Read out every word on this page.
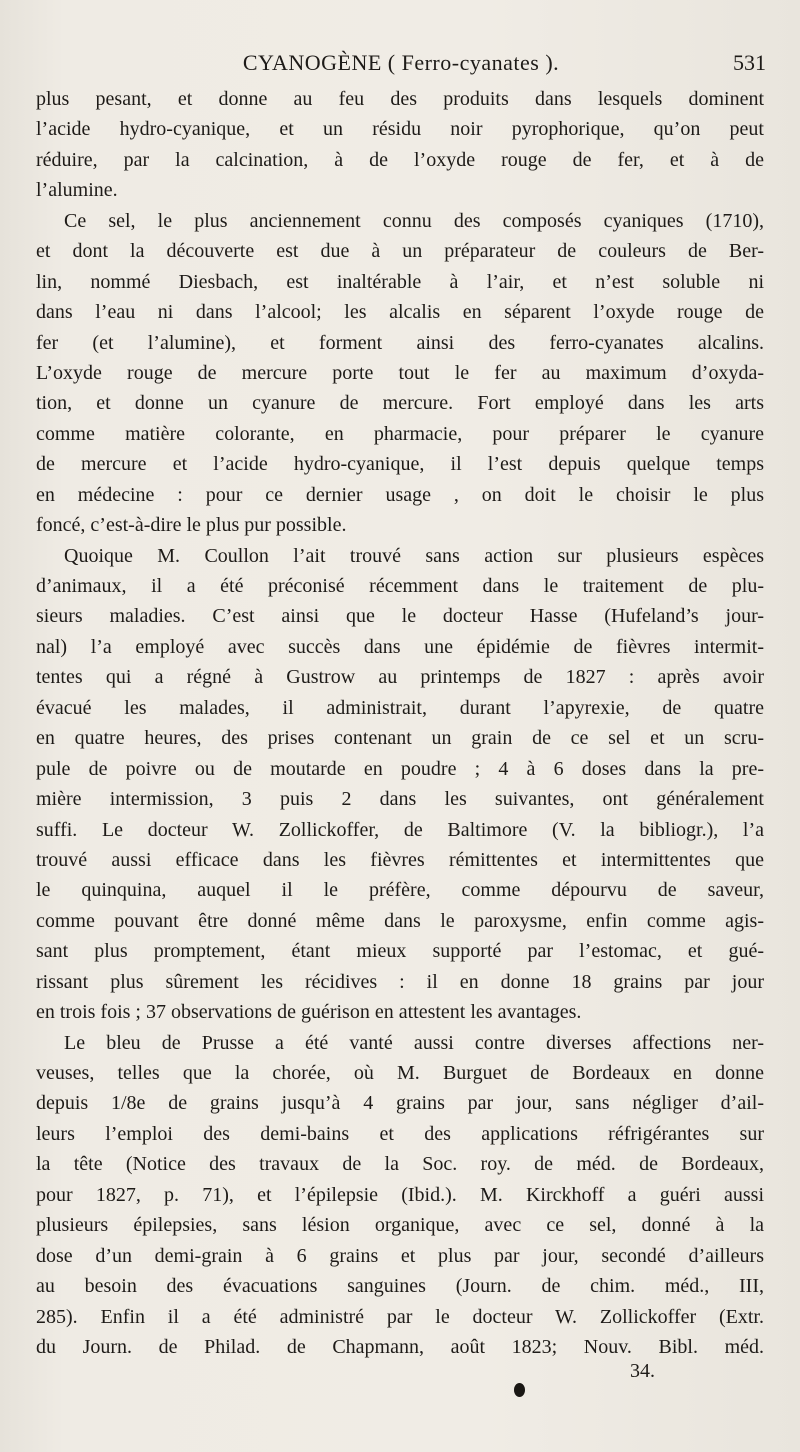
CYANOGÈNE ( Ferro-cyanates ).	531
plus pesant, et donne au feu des produits dans lesquels dominent
l’acide hydro-cyanique, et un résidu noir pyrophorique, qu’on peut
réduire, par la calcination, à de l’oxyde rouge de fer, et à de
l’alumine.
Ce sel, le plus anciennement connu des composés cyaniques (1710),
et dont la découverte est due à un préparateur de couleurs de Ber-
lin, nommé Diesbach, est inaltérable à l’air, et n’est soluble ni
dans l’eau ni dans l’alcool; les alcalis en séparent l’oxyde rouge de
fer (et l’alumine), et forment ainsi des ferro-cyanates alcalins.
L’oxyde rouge de mercure porte tout le fer au maximum d’oxyda-
tion, et donne un cyanure de mercure. Fort employé dans les arts
comme matière colorante, en pharmacie, pour préparer le cyanure
de mercure et l’acide hydro-cyanique, il l’est depuis quelque temps
en médecine : pour ce dernier usage , on doit le choisir le plus
foncé, c’est-à-dire le plus pur possible.
Quoique M. Coullon l’ait trouvé sans action sur plusieurs espèces
d’animaux, il a été préconisé récemment dans le traitement de plu-
sieurs maladies. C’est ainsi que le docteur Hasse (Hufeland’s jour-
nal) l’a employé avec succès dans une épidémie de fièvres intermit-
tentes qui a régné à Gustrow au printemps de 1827 : après avoir
évacué les malades, il administrait, durant l’apyrexie, de quatre
en quatre heures, des prises contenant un grain de ce sel et un scru-
pule de poivre ou de moutarde en poudre ; 4 à 6 doses dans la pre-
mière intermission, 3 puis 2 dans les suivantes, ont généralement
suffi. Le docteur W. Zollickoffer, de Baltimore (V. la bibliogr.), l’a
trouvé aussi efficace dans les fièvres rémittentes et intermittentes que
le quinquina, auquel il le préfère, comme dépourvu de saveur,
comme pouvant être donné même dans le paroxysme, enfin comme agis-
sant plus promptement, étant mieux supporté par l’estomac, et gué-
rissant plus sûrement les récidives : il en donne 18 grains par jour
en trois fois ; 37 observations de guérison en attestent les avantages.
Le bleu de Prusse a été vanté aussi contre diverses affections ner-
veuses, telles que la chorée, où M. Burguet de Bordeaux en donne
depuis 1/8e de grains jusqu’à 4 grains par jour, sans négliger d’ail-
leurs l’emploi des demi-bains et des applications réfrigérantes sur
la tête (Notice des travaux de la Soc. roy. de méd. de Bordeaux,
pour 1827, p. 71), et l’épilepsie (Ibid.). M. Kirckhoff a guéri aussi
plusieurs épilepsies, sans lésion organique, avec ce sel, donné à la
dose d’un demi-grain à 6 grains et plus par jour, secondé d’ailleurs
au besoin des évacuations sanguines (Journ. de chim. méd., III,
285). Enfin il a été administré par le docteur W. Zollickoffer (Extr.
du Journ. de Philad. de Chapmann, août 1823; Nouv. Bibl. méd.
34.
